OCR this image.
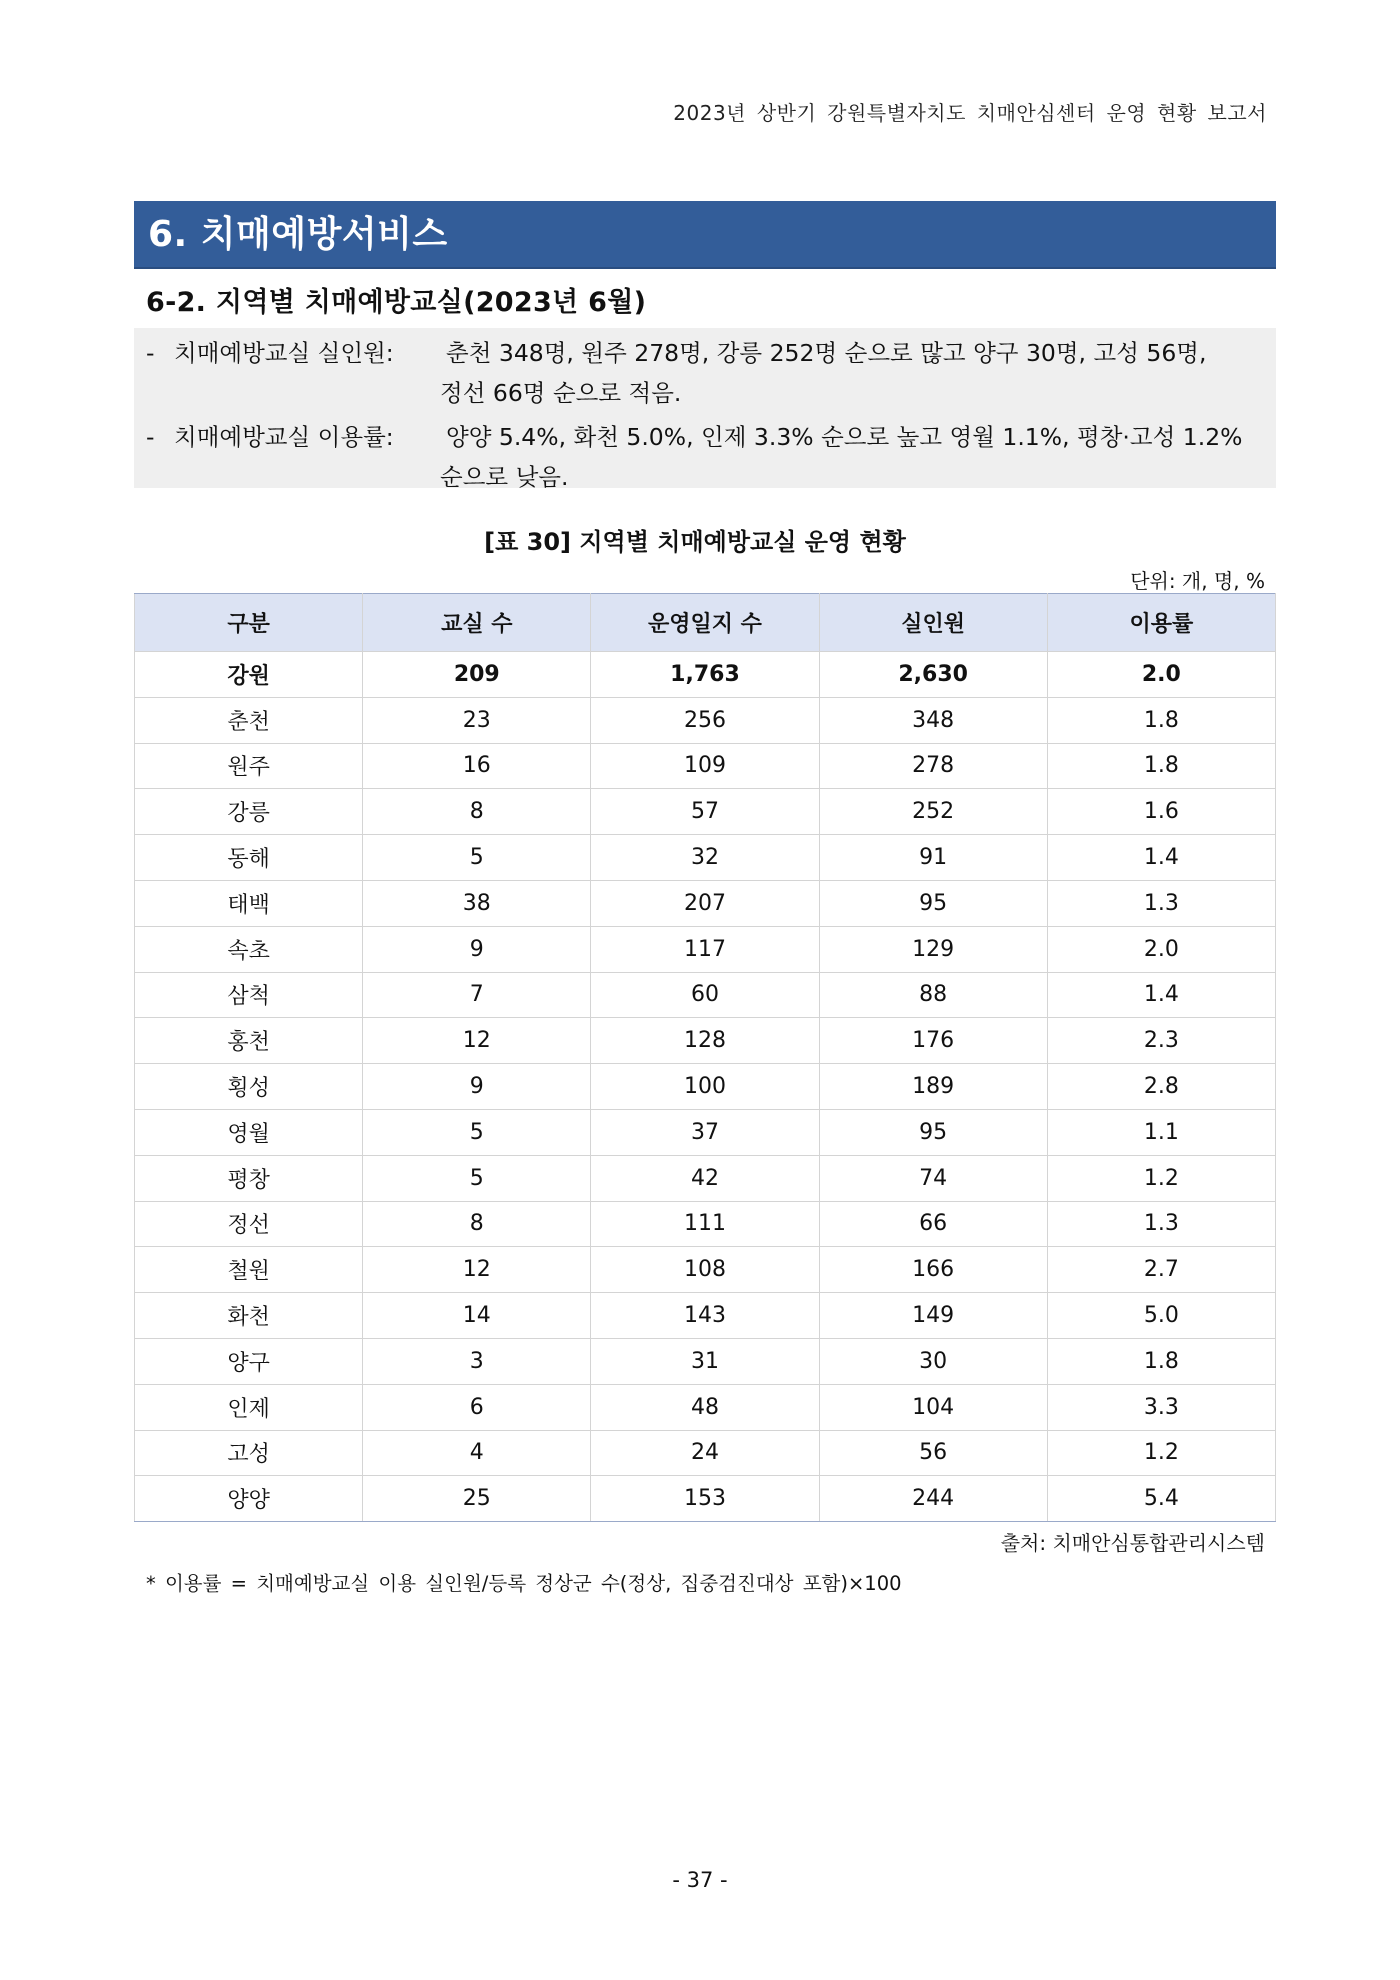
2023년 상반기 강원특별자치도 치매안심센터 운영 현황 보고서
6. 치매예방서비스
6-2. 지역별 치매예방교실(2023년 6월)
- 치매예방교실 실인원: 춘천 348명, 원주 278명, 강릉 252명 순으로 많고 양구 30명, 고성 56명,
정선 66명 순으로 적음.
- 치매예방교실 이용률: 양양 5.4%, 화천 5.0%, 인제 3.3% 순으로 높고 영월 1.1%, 평창·고성 1.2%
순으로 낮음.
[표 30] 지역별 치매예방교실 운영 현황
단위: 개, 명, %
구분	교실 수	운영일지 수	실인원	이용률
강원	209	1,763	2,630	2.0
춘천	23	256	348	1.8
원주	16	109	278	1.8
강릉	8	57	252	1.6
동해	5	32	91	1.4
태백	38	207	95	1.3
속초	9	117	129	2.0
삼척	7	60	88	1.4
홍천	12	128	176	2.3
횡성	9	100	189	2.8
영월	5	37	95	1.1
평창	5	42	74	1.2
정선	8	111	66	1.3
철원	12	108	166	2.7
화천	14	143	149	5.0
양구	3	31	30	1.8
인제	6	48	104	3.3
고성	4	24	56	1.2
양양	25	153	244	5.4
출처: 치매안심통합관리시스템
* 이용률 = 치매예방교실 이용 실인원/등록 정상군 수(정상, 집중검진대상 포함)×100
- 37 -
